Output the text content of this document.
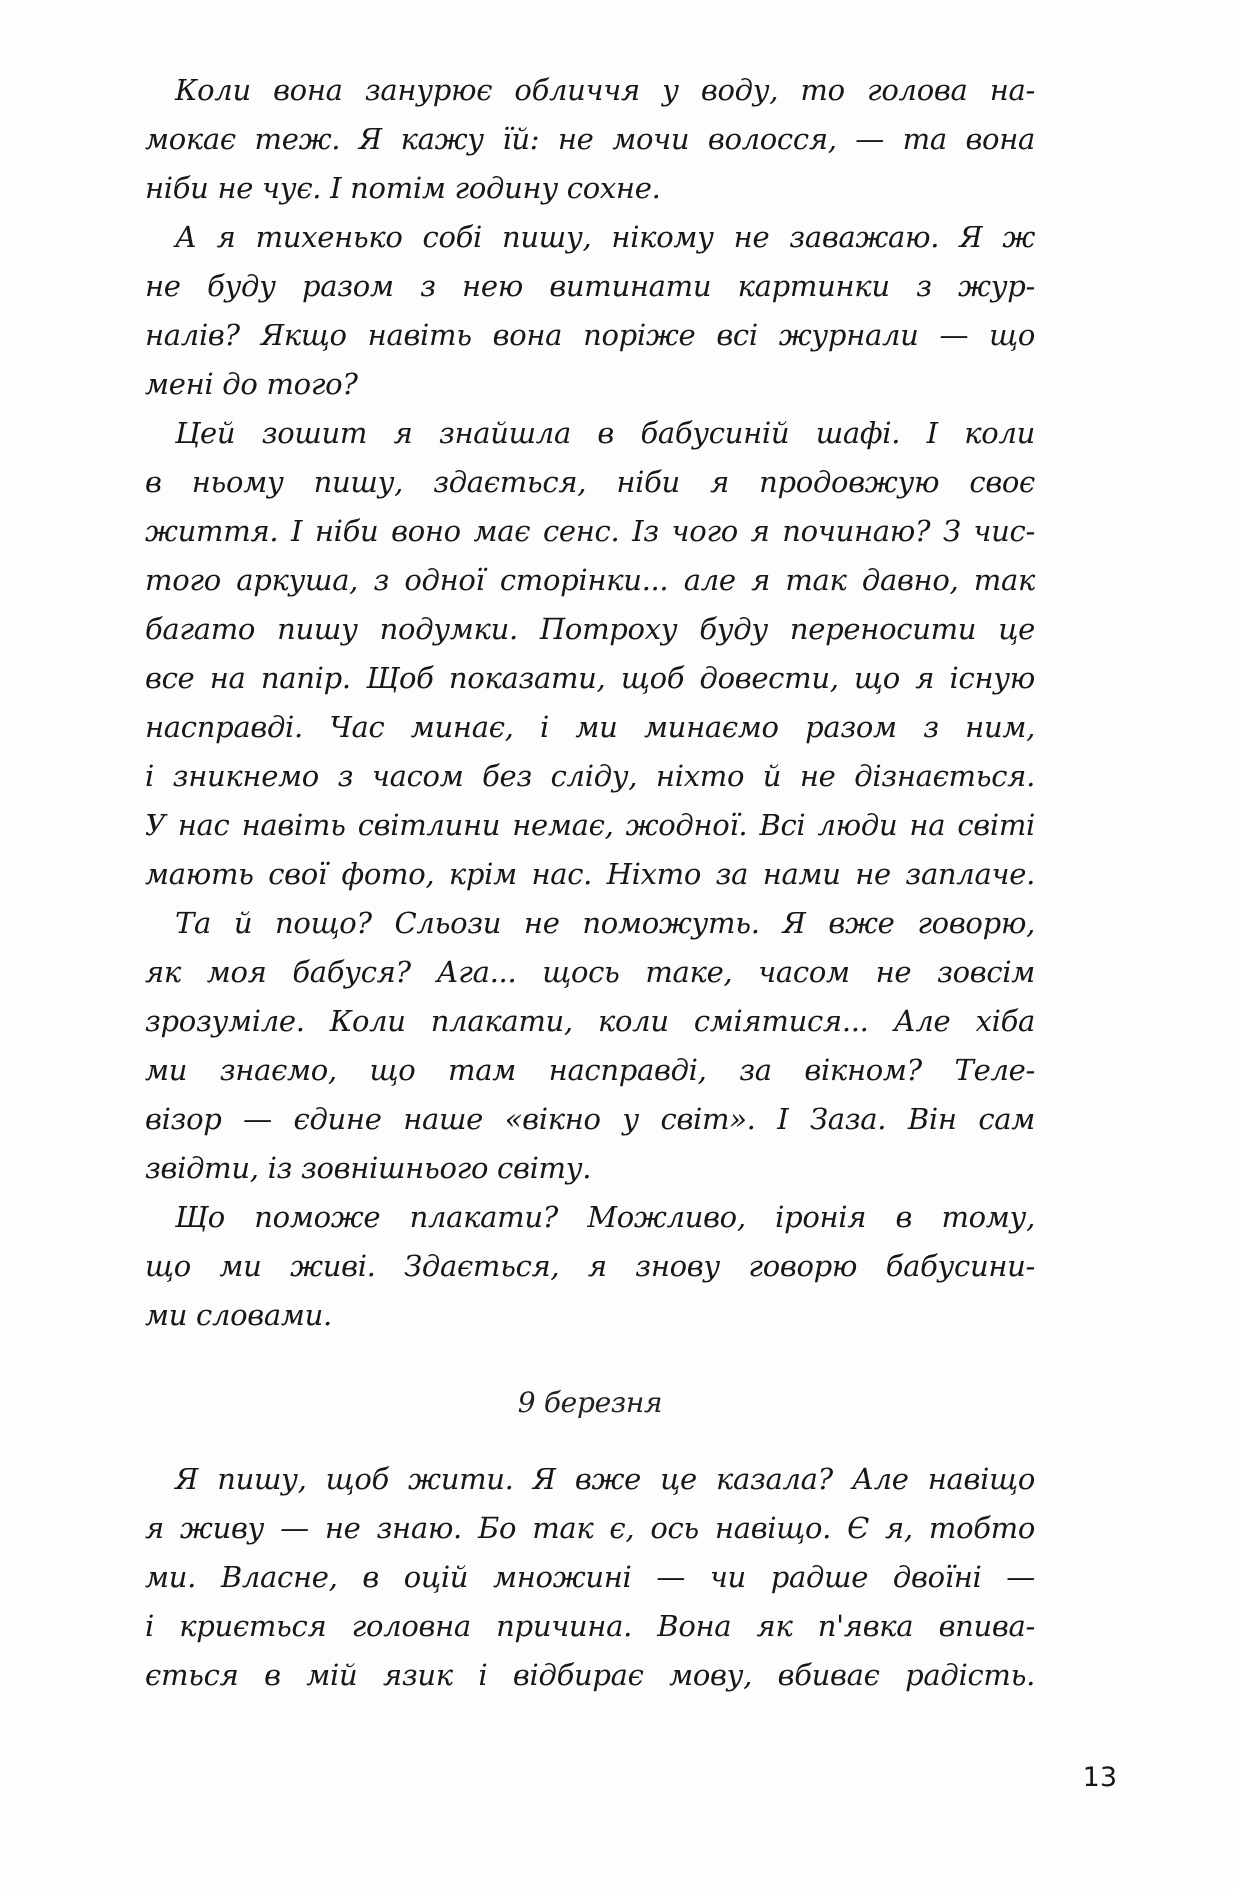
Коли вона занурює обличчя у воду, то голова на-
мокає теж. Я кажу їй: не мочи волосся, — та вона
ніби не чує. І потім годину сохне.
А я тихенько собі пишу, нікому не заважаю. Я ж
не буду разом з нею витинати картинки з жур-
налів? Якщо навіть вона поріже всі журнали — що
мені до того?
Цей зошит я знайшла в бабусиній шафі. І коли
в ньому пишу, здається, ніби я продовжую своє
життя. І ніби воно має сенс. Із чого я починаю? З чис-
того аркуша, з одної сторінки... але я так давно, так
багато пишу подумки. Потроху буду переносити це
все на папір. Щоб показати, щоб довести, що я існую
насправді. Час минає, і ми минаємо разом з ним,
і зникнемо з часом без сліду, ніхто й не дізнається.
У нас навіть світлини немає, жодної. Всі люди на світі
мають свої фото, крім нас. Ніхто за нами не заплаче.
Та й пощо? Сльози не поможуть. Я вже говорю,
як моя бабуся? Ага... щось таке, часом не зовсім
зрозуміле. Коли плакати, коли сміятися... Але хіба
ми знаємо, що там насправді, за вікном? Теле-
візор — єдине наше «вікно у світ». І Заза. Він сам
звідти, із зовнішнього світу.
Що поможе плакати? Можливо, іронія в тому,
що ми живі. Здається, я знову говорю бабусини-
ми словами.
9 березня
Я пишу, щоб жити. Я вже це казала? Але навіщо
я живу — не знаю. Бо так є, ось навіщо. Є я, тобто
ми. Власне, в оцій множині — чи радше двоїні —
і криється головна причина. Вона як п'явка впива-
ється в мій язик і відбирає мову, вбиває радість.
13
